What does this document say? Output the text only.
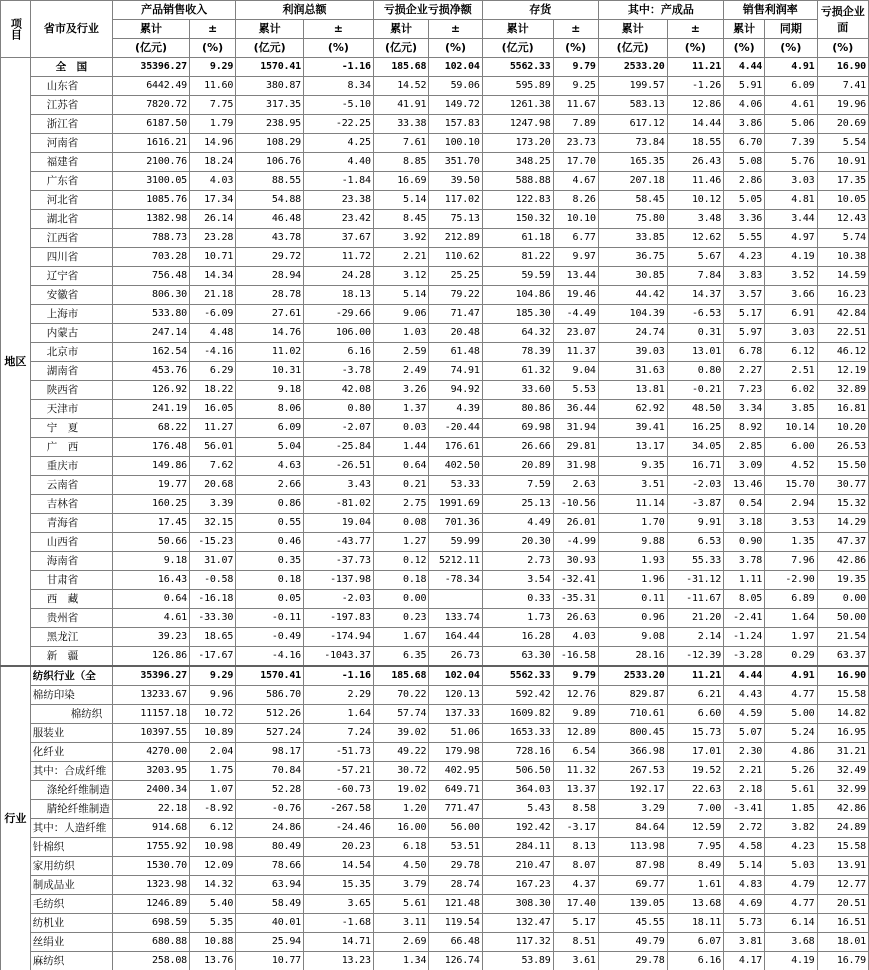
项目	省市及行业	产品销售收入		利润总额		亏损企业亏损净额		存货		其中：产成品		销售利润率		亏损企业面
		累计	±	累计	±	累计	±	累计	±	累计	±	累计	同期	
		(亿元)	(%)	(亿元)	(%)	(亿元)	(%)	(亿元)	(%)	(亿元)	(%)	(%)	(%)	(%)
地区	全　国	35396.27	9.29	1570.41	-1.16	185.68	102.04	5562.33	9.79	2533.20	11.21	4.44	4.91	16.90
	山东省	6442.49	11.60	380.87	8.34	14.52	59.06	595.89	9.25	199.57	-1.26	5.91	6.09	7.41
	江苏省	7820.72	7.75	317.35	-5.10	41.91	149.72	1261.38	11.67	583.13	12.86	4.06	4.61	19.96
	浙江省	6187.50	1.79	238.95	-22.25	33.38	157.83	1247.98	7.89	617.12	14.44	3.86	5.06	20.69
	河南省	1616.21	14.96	108.29	4.25	7.61	100.10	173.20	23.73	73.84	18.55	6.70	7.39	5.54
	福建省	2100.76	18.24	106.76	4.40	8.85	351.70	348.25	17.70	165.35	26.43	5.08	5.76	10.91
	广东省	3100.05	4.03	88.55	-1.84	16.69	39.50	588.88	4.67	207.18	11.46	2.86	3.03	17.35
	河北省	1085.76	17.34	54.88	23.38	5.14	117.02	122.83	8.26	58.45	10.12	5.05	4.81	10.05
	湖北省	1382.98	26.14	46.48	23.42	8.45	75.13	150.32	10.10	75.80	3.48	3.36	3.44	12.43
	江西省	788.73	23.28	43.78	37.67	3.92	212.89	61.18	6.77	33.85	12.62	5.55	4.97	5.74
	四川省	703.28	10.71	29.72	11.72	2.21	110.62	81.22	9.97	36.75	5.67	4.23	4.19	10.38
	辽宁省	756.48	14.34	28.94	24.28	3.12	25.25	59.59	13.44	30.85	7.84	3.83	3.52	14.59
	安徽省	806.30	21.18	28.78	18.13	5.14	79.22	104.86	19.46	44.42	14.37	3.57	3.66	16.23
	上海市	533.80	-6.09	27.61	-29.66	9.06	71.47	185.30	-4.49	104.39	-6.53	5.17	6.91	42.84
	内蒙古	247.14	4.48	14.76	106.00	1.03	20.48	64.32	23.07	24.74	0.31	5.97	3.03	22.51
	北京市	162.54	-4.16	11.02	6.16	2.59	61.48	78.39	11.37	39.03	13.01	6.78	6.12	46.12
	湖南省	453.76	6.29	10.31	-3.78	2.49	74.91	61.32	9.04	31.63	0.80	2.27	2.51	12.19
	陕西省	126.92	18.22	9.18	42.08	3.26	94.92	33.60	5.53	13.81	-0.21	7.23	6.02	32.89
	天津市	241.19	16.05	8.06	0.80	1.37	4.39	80.86	36.44	62.92	48.50	3.34	3.85	16.81
	宁　夏	68.22	11.27	6.09	-2.07	0.03	-20.44	69.98	31.94	39.41	16.25	8.92	10.14	10.20
	广　西	176.48	56.01	5.04	-25.84	1.44	176.61	26.66	29.81	13.17	34.05	2.85	6.00	26.53
	重庆市	149.86	7.62	4.63	-26.51	0.64	402.50	20.89	31.98	9.35	16.71	3.09	4.52	15.50
	云南省	19.77	20.68	2.66	3.43	0.21	53.33	7.59	2.63	3.51	-2.03	13.46	15.70	30.77
	吉林省	160.25	3.39	0.86	-81.02	2.75	1991.69	25.13	-10.56	11.14	-3.87	0.54	2.94	15.32
	青海省	17.45	32.15	0.55	19.04	0.08	701.36	4.49	26.01	1.70	9.91	3.18	3.53	14.29
	山西省	50.66	-15.23	0.46	-43.77	1.27	59.99	20.30	-4.99	9.88	6.53	0.90	1.35	47.37
	海南省	9.18	31.07	0.35	-37.73	0.12	5212.11	2.73	30.93	1.93	55.33	3.78	7.96	42.86
	甘肃省	16.43	-0.58	0.18	-137.98	0.18	-78.34	3.54	-32.41	1.96	-31.12	1.11	-2.90	19.35
	西　藏	0.64	-16.18	0.05	-2.03	0.00		0.33	-35.31	0.11	-11.67	8.05	6.89	0.00
	贵州省	4.61	-33.30	-0.11	-197.83	0.23	133.74	1.73	26.63	0.96	21.20	-2.41	1.64	50.00
	黑龙江	39.23	18.65	-0.49	-174.94	1.67	164.44	16.28	4.03	9.08	2.14	-1.24	1.97	21.54
	新　疆	126.86	-17.67	-4.16	-1043.37	6.35	26.73	63.30	-16.58	28.16	-12.39	-3.28	0.29	63.37
行业	纺织行业（全	35396.27	9.29	1570.41	-1.16	185.68	102.04	5562.33	9.79	2533.20	11.21	4.44	4.91	16.90
	棉纺印染	13233.67	9.96	586.70	2.29	70.22	120.13	592.42	12.76	829.87	6.21	4.43	4.77	15.58
	棉纺织	11157.18	10.72	512.26	1.64	57.74	137.33	1609.82	9.89	710.61	6.60	4.59	5.00	14.82
	服装业	10397.55	10.89	527.24	7.24	39.02	51.06	1653.33	12.89	800.45	15.73	5.07	5.24	16.95
	化纤业	4270.00	2.04	98.17	-51.73	49.22	179.98	728.16	6.54	366.98	17.01	2.30	4.86	31.21
	其中：合成纤维	3203.95	1.75	70.84	-57.21	30.72	402.95	506.50	11.32	267.53	19.52	2.21	5.26	32.49
	涤纶纤维制造	2400.34	1.07	52.28	-60.73	19.02	649.71	364.03	13.37	192.17	22.63	2.18	5.61	32.99
	腈纶纤维制造	22.18	-8.92	-0.76	-267.58	1.20	771.47	5.43	8.58	3.29	7.00	-3.41	1.85	42.86
	其中：人造纤维	914.68	6.12	24.86	-24.46	16.00	56.00	192.42	-3.17	84.64	12.59	2.72	3.82	24.89
	针棉织	1755.92	10.98	80.49	20.23	6.18	53.51	284.11	8.13	113.98	7.95	4.58	4.23	15.58
	家用纺织	1530.70	12.09	78.66	14.54	4.50	29.78	210.47	8.07	87.98	8.49	5.14	5.03	13.91
	制成品业	1323.98	14.32	63.94	15.35	3.79	28.74	167.23	4.37	69.77	1.61	4.83	4.79	12.77
	毛纺织	1246.89	5.40	58.49	3.65	5.61	121.48	308.30	17.40	139.05	13.68	4.69	4.77	20.51
	纺机业	698.59	5.35	40.01	-1.68	3.11	119.54	132.47	5.17	45.55	18.11	5.73	6.14	16.51
	丝绢业	680.88	10.88	25.94	14.71	2.69	66.48	117.32	8.51	49.79	6.07	3.81	3.68	18.01
	麻纺织	258.08	13.76	10.77	13.23	1.34	126.74	53.89	3.61	29.78	6.16	4.17	4.19	16.79
